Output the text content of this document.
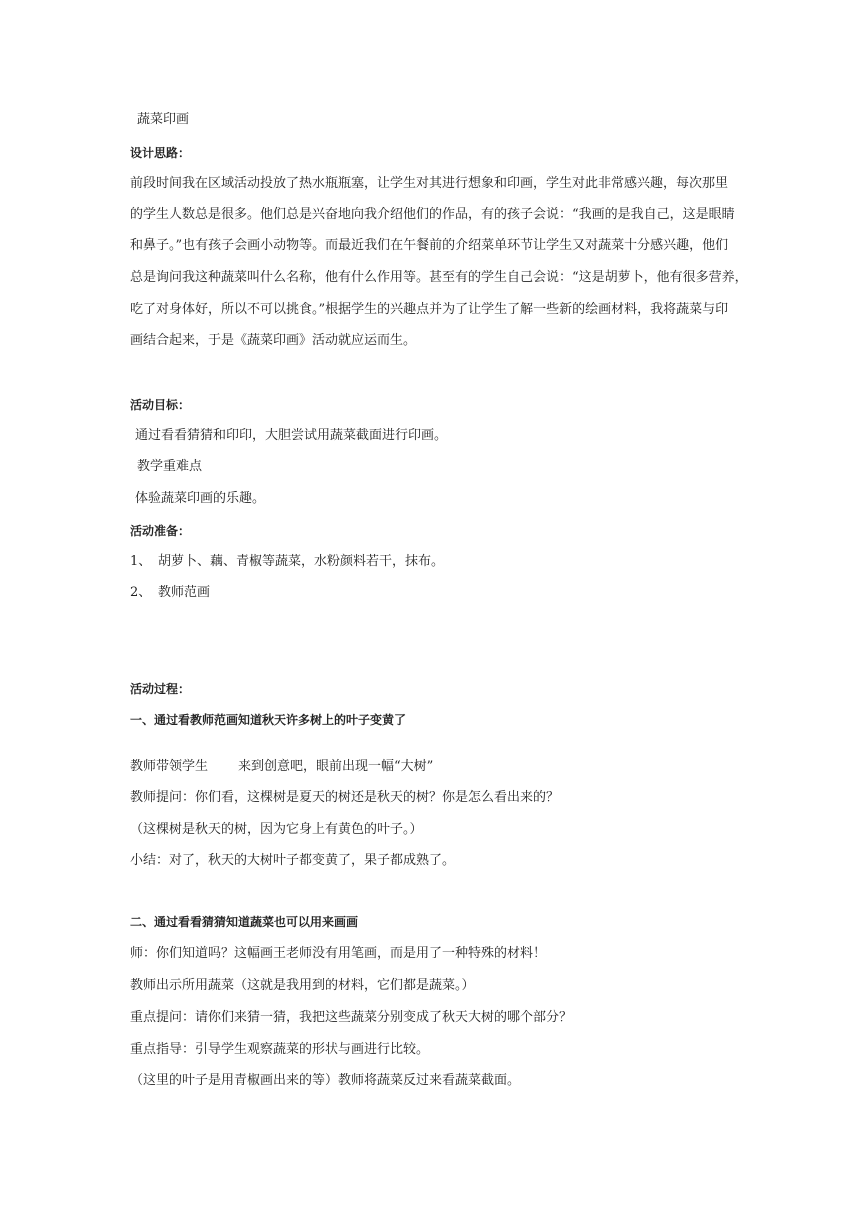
蔬菜印画
设计思路：
前段时间我在区域活动投放了热水瓶瓶塞，让学生对其进行想象和印画，学生对此非常感兴趣，每次那里
的学生人数总是很多。他们总是兴奋地向我介绍他们的作品，有的孩子会说：“我画的是我自己，这是眼睛
和鼻子。”也有孩子会画小动物等。而最近我们在午餐前的介绍菜单环节让学生又对蔬菜十分感兴趣，他们
总是询问我这种蔬菜叫什么名称，他有什么作用等。甚至有的学生自己会说：“这是胡萝卜，他有很多营养，
吃了对身体好，所以不可以挑食。”根据学生的兴趣点并为了让学生了解一些新的绘画材料，我将蔬菜与印
画结合起来，于是《蔬菜印画》活动就应运而生。
活动目标：
通过看看猜猜和印印，大胆尝试用蔬菜截面进行印画。
教学重难点
体验蔬菜印画的乐趣。
活动准备：
1、 胡萝卜、藕、青椒等蔬菜，水粉颜料若干，抹布。
2、 教师范画
活动过程：
一、通过看教师范画知道秋天许多树上的叶子变黄了
教师带领学生 来到创意吧，眼前出现一幅“大树”
教师提问：你们看，这棵树是夏天的树还是秋天的树？你是怎么看出来的？
（这棵树是秋天的树，因为它身上有黄色的叶子。）
小结：对了，秋天的大树叶子都变黄了，果子都成熟了。
二、通过看看猜猜知道蔬菜也可以用来画画
师：你们知道吗？这幅画王老师没有用笔画，而是用了一种特殊的材料！
教师出示所用蔬菜（这就是我用到的材料，它们都是蔬菜。）
重点提问：请你们来猜一猜，我把这些蔬菜分别变成了秋天大树的哪个部分？
重点指导：引导学生观察蔬菜的形状与画进行比较。
（这里的叶子是用青椒画出来的等）教师将蔬菜反过来看蔬菜截面。
